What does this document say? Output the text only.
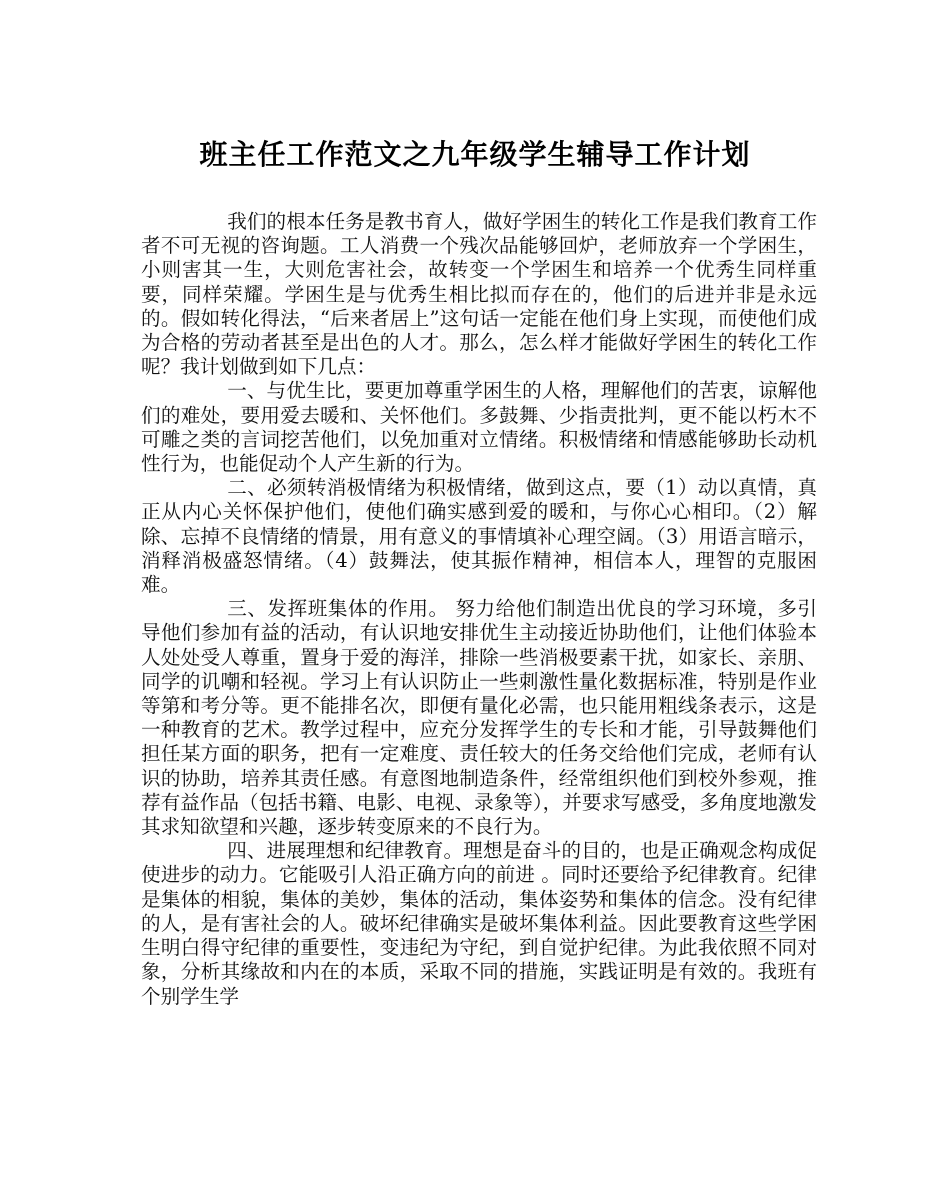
班主任工作范文之九年级学生辅导工作计划

我们的根本任务是教书育人，做好学困生的转化工作是我们教育工作者不可无视的咨询题。工人消费一个残次品能够回炉，老师放弃一个学困生，小则害其一生，大则危害社会，故转变一个学困生和培养一个优秀生同样重要，同样荣耀。学困生是与优秀生相比拟而存在的，他们的后进并非是永远的。假如转化得法，“后来者居上”这句话一定能在他们身上实现，而使他们成为合格的劳动者甚至是出色的人才。那么，怎么样才能做好学困生的转化工作呢？我计划做到如下几点：

一、与优生比，要更加尊重学困生的人格，理解他们的苦衷，谅解他们的难处，要用爱去暖和、关怀他们。多鼓舞、少指责批判，更不能以朽木不可雕之类的言词挖苦他们，以免加重对立情绪。积极情绪和情感能够助长动机性行为，也能促动个人产生新的行为。

二、必须转消极情绪为积极情绪，做到这点，要（1）动以真情，真正从内心关怀保护他们，使他们确实感到爱的暖和，与你心心相印。（2）解除、忘掉不良情绪的情景，用有意义的事情填补心理空阔。（3）用语言暗示，消释消极盛怒情绪。（4）鼓舞法，使其振作精神，相信本人，理智的克服困难。

三、发挥班集体的作用。 努力给他们制造出优良的学习环境，多引导他们参加有益的活动，有认识地安排优生主动接近协助他们，让他们体验本人处处受人尊重，置身于爱的海洋，排除一些消极要素干扰，如家长、亲朋、同学的讥嘲和轻视。学习上有认识防止一些刺激性量化数据标准，特别是作业等第和考分等。更不能排名次，即便有量化必需，也只能用粗线条表示，这是一种教育的艺术。教学过程中，应充分发挥学生的专长和才能，引导鼓舞他们担任某方面的职务，把有一定难度、责任较大的任务交给他们完成，老师有认识的协助，培养其责任感。有意图地制造条件，经常组织他们到校外参观，推荐有益作品（包括书籍、电影、电视、录象等），并要求写感受，多角度地激发其求知欲望和兴趣，逐步转变原来的不良行为。

四、进展理想和纪律教育。理想是奋斗的目的，也是正确观念构成促使进步的动力。它能吸引人沿正确方向的前进 。同时还要给予纪律教育。纪律是集体的相貌，集体的美妙，集体的活动，集体姿势和集体的信念。没有纪律的人，是有害社会的人。破坏纪律确实是破坏集体利益。因此要教育这些学困生明白得守纪律的重要性，变违纪为守纪，到自觉护纪律。为此我依照不同对象，分析其缘故和内在的本质，采取不同的措施，实践证明是有效的。我班有个别学生学
